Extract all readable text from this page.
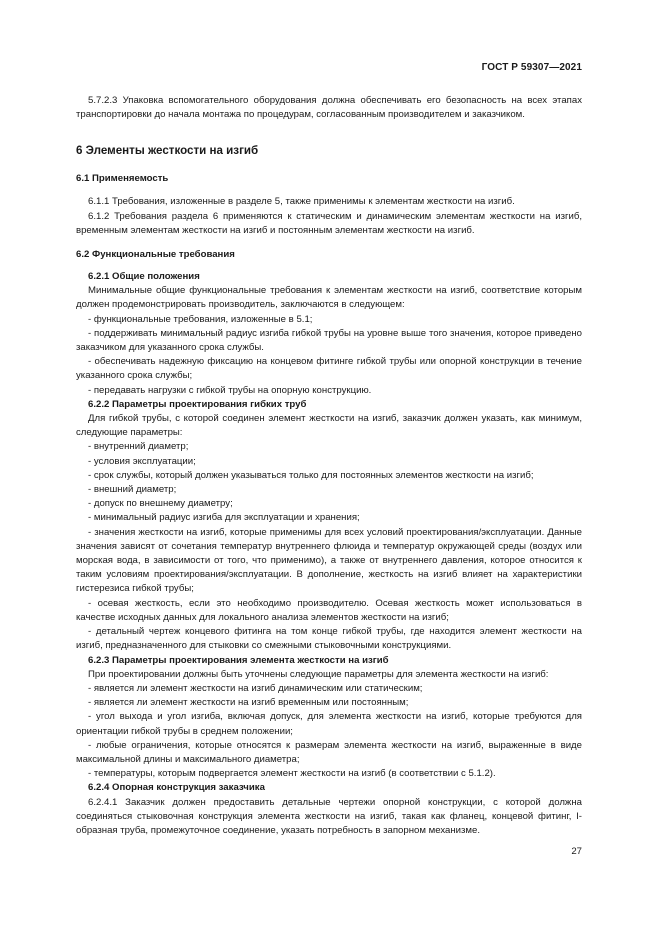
ГОСТ Р 59307—2021

5.7.2.3 Упаковка вспомогательного оборудования должна обеспечивать его безопасность на всех этапах транспортировки до начала монтажа по процедурам, согласованным производителем и заказчиком.

6 Элементы жесткости на изгиб
6.1 Применяемость

6.1.1 Требования, изложенные в разделе 5, также применимы к элементам жесткости на изгиб.

6.1.2 Требования раздела 6 применяются к статическим и динамическим элементам жесткости на изгиб, временным элементам жесткости на изгиб и постоянным элементам жесткости на изгиб.

6.2 Функциональные требования

6.2.1 Общие положения

Минимальные общие функциональные требования к элементам жесткости на изгиб, соответствие которым должен продемонстрировать производитель, заключаются в следующем:

- функциональные требования, изложенные в 5.1;

- поддерживать минимальный радиус изгиба гибкой трубы на уровне выше того значения, которое приведено заказчиком для указанного срока службы.

- обеспечивать надежную фиксацию на концевом фитинге гибкой трубы или опорной конструкции в течение указанного срока службы;

- передавать нагрузки с гибкой трубы на опорную конструкцию.

6.2.2 Параметры проектирования гибких труб

Для гибкой трубы, с которой соединен элемент жесткости на изгиб, заказчик должен указать, как минимум, следующие параметры:

- внутренний диаметр;

- условия эксплуатации;

- срок службы, который должен указываться только для постоянных элементов жесткости на изгиб;

- внешний диаметр;

- допуск по внешнему диаметру;

- минимальный радиус изгиба для эксплуатации и хранения;

- значения жесткости на изгиб, которые применимы для всех условий проектирования/эксплуатации. Данные значения зависят от сочетания температур внутреннего флюида и температур окружающей среды (воздух или морская вода, в зависимости от того, что применимо), а также от внутреннего давления, которое относится к таким условиям проектирования/эксплуатации. В дополнение, жесткость на изгиб влияет на характеристики гистерезиса гибкой трубы;

- осевая жесткость, если это необходимо производителю. Осевая жесткость может использоваться в качестве исходных данных для локального анализа элементов жесткости на изгиб;

- детальный чертеж концевого фитинга на том конце гибкой трубы, где находится элемент жесткости на изгиб, предназначенного для стыковки со смежными стыковочными конструкциями.

6.2.3 Параметры проектирования элемента жесткости на изгиб

При проектировании должны быть уточнены следующие параметры для элемента жесткости на изгиб:

- является ли элемент жесткости на изгиб динамическим или статическим;

- является ли элемент жесткости на изгиб временным или постоянным;

- угол выхода и угол изгиба, включая допуск, для элемента жесткости на изгиб, которые требуются для ориентации гибкой трубы в среднем положении;

- любые ограничения, которые относятся к размерам элемента жесткости на изгиб, выраженные в виде максимальной длины и максимального диаметра;

- температуры, которым подвергается элемент жесткости на изгиб (в соответствии с 5.1.2).

6.2.4 Опорная конструкция заказчика

6.2.4.1 Заказчик должен предоставить детальные чертежи опорной конструкции, с которой должна соединяться стыковочная конструкция элемента жесткости на изгиб, такая как фланец, концевой фитинг, I-образная труба, промежуточное соединение, указать потребность в запорном механизме.

27
